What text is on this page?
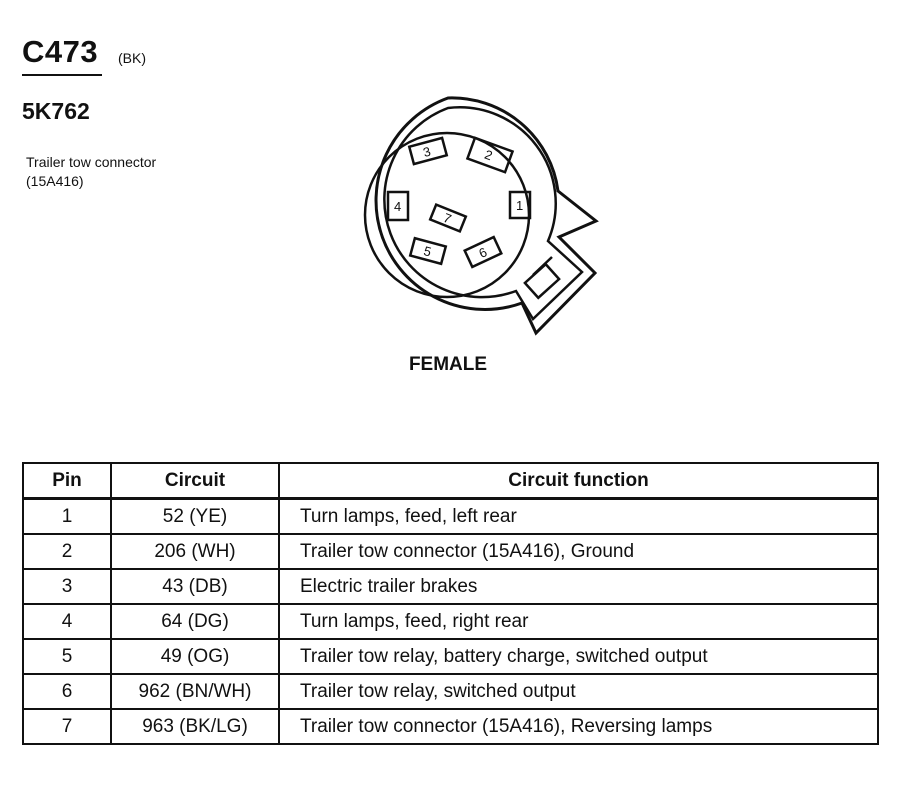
C473 (BK)
5K762
Trailer tow connector (15A416)
1
2
3
4
5	6
7
FEMALE
Pin	Circuit	Circuit function
1	52 (YE)	Turn lamps, feed, left rear
2	206 (WH)	Trailer tow connector (15A416), Ground
3	43 (DB)	Electric trailer brakes
4	64 (DG)	Turn lamps, feed, right rear
5	49 (OG)	Trailer tow relay, battery charge, switched output
6	962 (BN/WH)	Trailer tow relay, switched output
7	963 (BK/LG)	Trailer tow connector (15A416), Reversing lamps
